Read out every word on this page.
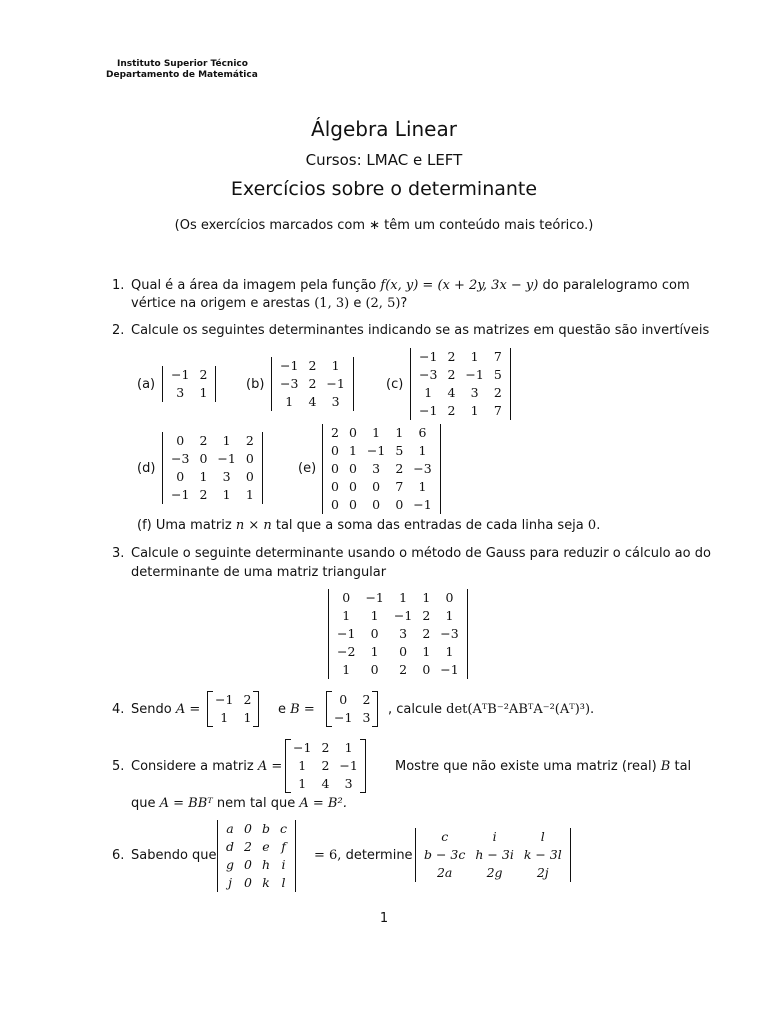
Instituto Superior Técnico
Departamento de Matemática
Álgebra Linear
Cursos: LMAC e LEFT
Exercícios sobre o determinante
(Os exercícios marcados com ∗ têm um conteúdo mais teórico.)
1. Qual é a área da imagem pela função f(x, y) = (x + 2y, 3x − y) do paralelogramo com
vértice na origem e arestas (1, 3) e (2, 5)?
2. Calcule os seguintes determinantes indicando se as matrizes em questão são invertíveis
(a)
−1	2
3	1
(b)
−1	2	1
−3	2	−1
1	4	3
(c)
−1	2	1	7
−3	2	−1	5
1	4	3	2
−1	2	1	7
(d)
0	2	1	2
−3	0	−1	0
0	1	3	0
−1	2	1	1
(e)
2	0	1	1	6
0	1	−1	5	1
0	0	3	2	−3
0	0	0	7	1
0	0	0	0	−1
(f) Uma matriz n × n tal que a soma das entradas de cada linha seja 0.
3. Calcule o seguinte determinante usando o método de Gauss para reduzir o cálculo ao do
determinante de uma matriz triangular
0	−1	1	1	0
1	1	−1	2	1
−1	0	3	2	−3
−2	1	0	1	1
1	0	2	0	−1
4. Sendo A =
−1	2
1	1
e B =
0	2
−1	3
, calcule det(AᵀB⁻²ABᵀA⁻²(Aᵀ)³).
5. Considere a matriz A =
−1	2	1
1	2	−1
1	4	3
Mostre que não existe uma matriz (real) B tal
que A = BBᵀ nem tal que A = B².
6. Sabendo que
a	0	b	c
d	2	e	f
g	0	h	i
j	0	k	l
= 6, determine
c	i	l
b − 3c	h − 3i	k − 3l
2a	2g	2j
1
